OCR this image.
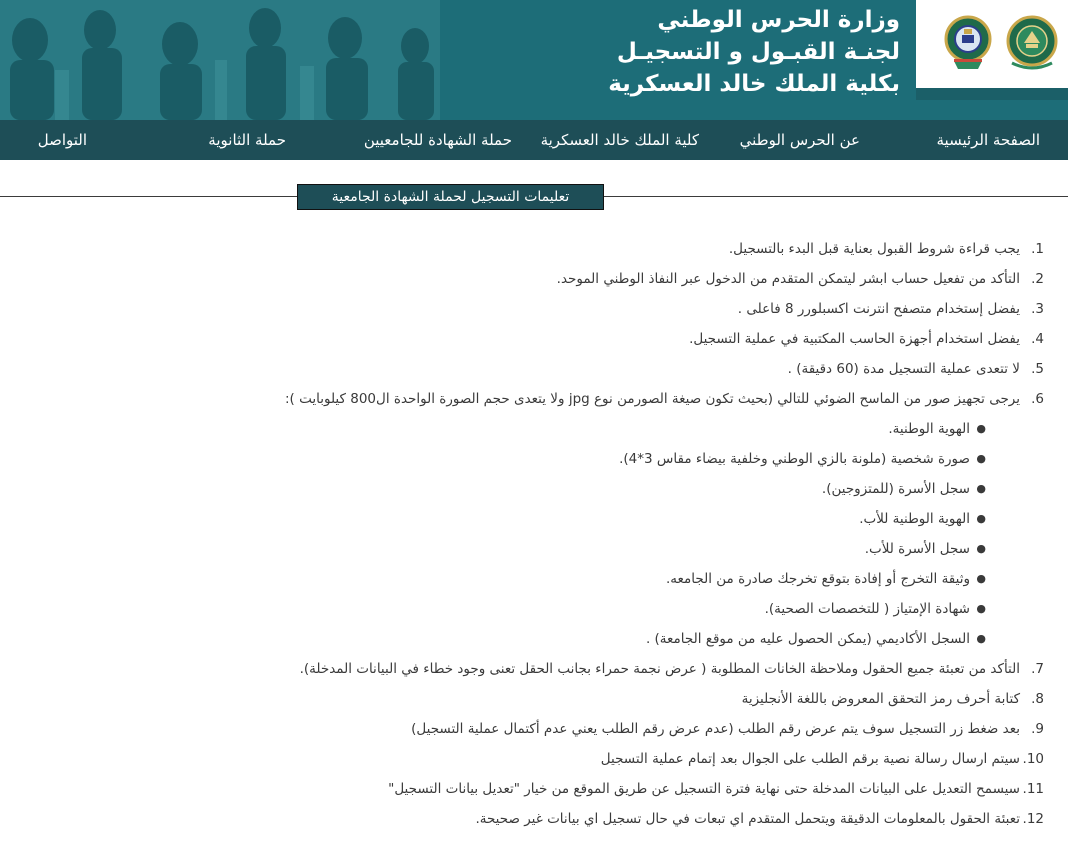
وزارة الحرس الوطني
لجنـة القبـول و التسجيـل
بكلية الملك خالد العسكرية
الصفحة الرئيسية
عن الحرس الوطني
كلية الملك خالد العسكرية
حملة الشهادة للجامعيين
حملة الثانوية
التواصل
تعليمات التسجيل لحملة الشهادة الجامعية
1.
يجب قراءة شروط القبول بعناية قبل البدء بالتسجيل.
2.
التأكد من تفعيل حساب ابشر ليتمكن المتقدم من الدخول عبر النفاذ الوطني الموحد.
3.
يفضل إستخدام متصفح انترنت اكسبلورر 8 فاعلى .
4.
يفضل استخدام أجهزة الحاسب المكتبية في عملية التسجيل.
5.
لا تتعدى عملية التسجيل مدة (60 دقيقة) .
6.
يرجى تجهيز صور من الماسح الضوئي للتالي (بحيث تكون صيغة الصورمن نوع jpg ولا يتعدى حجم الصورة الواحدة ال800 كيلوبايت ):
●
الهوية الوطنية.
●
صورة شخصية (ملونة بالزي الوطني وخلفية بيضاء مقاس 3*4).
●
سجل الأسرة (للمتزوجين).
●
الهوية الوطنية للأب.
●
سجل الأسرة للأب.
●
وثيقة التخرج أو إفادة بتوقع تخرجك صادرة من الجامعه.
●
شهادة الإمتياز ( للتخصصات الصحية).
●
السجل الأكاديمي (يمكن الحصول عليه من موقع الجامعة) .
7.
التأكد من تعبئة جميع الحقول وملاحظة الخانات المطلوبة ( عرض نجمة حمراء بجانب الحقل تعنى وجود خطاء في البيانات المدخلة).
8.
كتابة أحرف رمز التحقق المعروض باللغة الأنجليزية
9.
بعد ضغط زر التسجيل سوف يتم عرض رقم الطلب (عدم عرض رقم الطلب يعني عدم أكتمال عملية التسجيل)
10.
سيتم ارسال رسالة نصية برقم الطلب على الجوال بعد إتمام عملية التسجيل
11.
سيسمح التعديل على البيانات المدخلة حتى نهاية فترة التسجيل عن طريق الموقع من خيار "تعديل بيانات التسجيل"
12.
تعبئة الحقول بالمعلومات الدقيقة ويتحمل المتقدم اي تبعات في حال تسجيل اي بيانات غير صحيحة.
